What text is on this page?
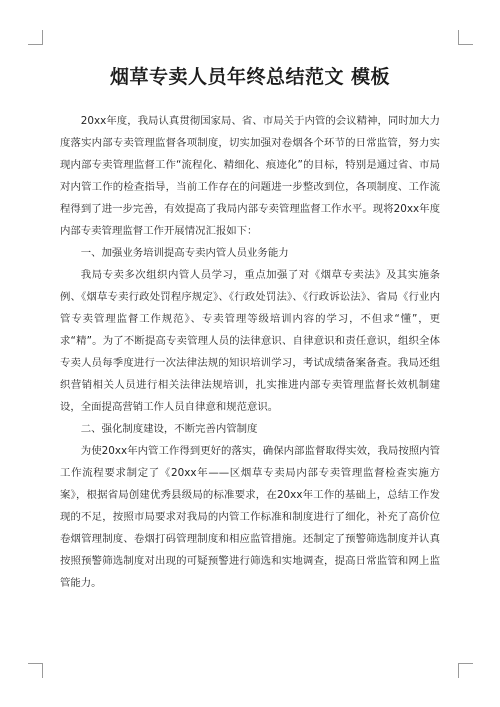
烟草专卖人员年终总结范文 模板

20xx年度，我局认真贯彻国家局、省、市局关于内管的会议精神，同时加大力度落实内部专卖管理监督各项制度，切实加强对卷烟各个环节的日常监管，努力实现内部专卖管理监督工作“流程化、精细化、痕迹化”的目标，特别是通过省、市局对内管工作的检查指导，当前工作存在的问题进一步整改到位，各项制度、工作流程得到了进一步完善，有效提高了我局内部专卖管理监督工作水平。现将20xx年度内部专卖管理监督工作开展情况汇报如下：

一、加强业务培训提高专卖内管人员业务能力

我局专卖多次组织内管人员学习，重点加强了对《烟草专卖法》及其实施条例、《烟草专卖行政处罚程序规定》、《行政处罚法》、《行政诉讼法》、省局《行业内管专卖管理监督工作规范》、专卖管理等级培训内容的学习，不但求“懂”，更求“精”。为了不断提高专卖管理人员的法律意识、自律意识和责任意识，组织全体专卖人员每季度进行一次法律法规的知识培训学习，考试成绩备案备查。我局还组织营销相关人员进行相关法律法规培训，扎实推进内部专卖管理监督长效机制建设，全面提高营销工作人员自律意和规范意识。

二、强化制度建设，不断完善内管制度

为使20xx年内管工作得到更好的落实，确保内部监督取得实效，我局按照内管工作流程要求制定了《20xx年——区烟草专卖局内部专卖管理监督检查实施方案》，根据省局创建优秀县级局的标准要求，在20xx年工作的基础上，总结工作发现的不足，按照市局要求对我局的内管工作标准和制度进行了细化，补充了高价位卷烟管理制度、卷烟打码管理制度和相应监管措施。还制定了预警筛选制度并认真按照预警筛选制度对出现的可疑预警进行筛选和实地调查，提高日常监管和网上监管能力。
